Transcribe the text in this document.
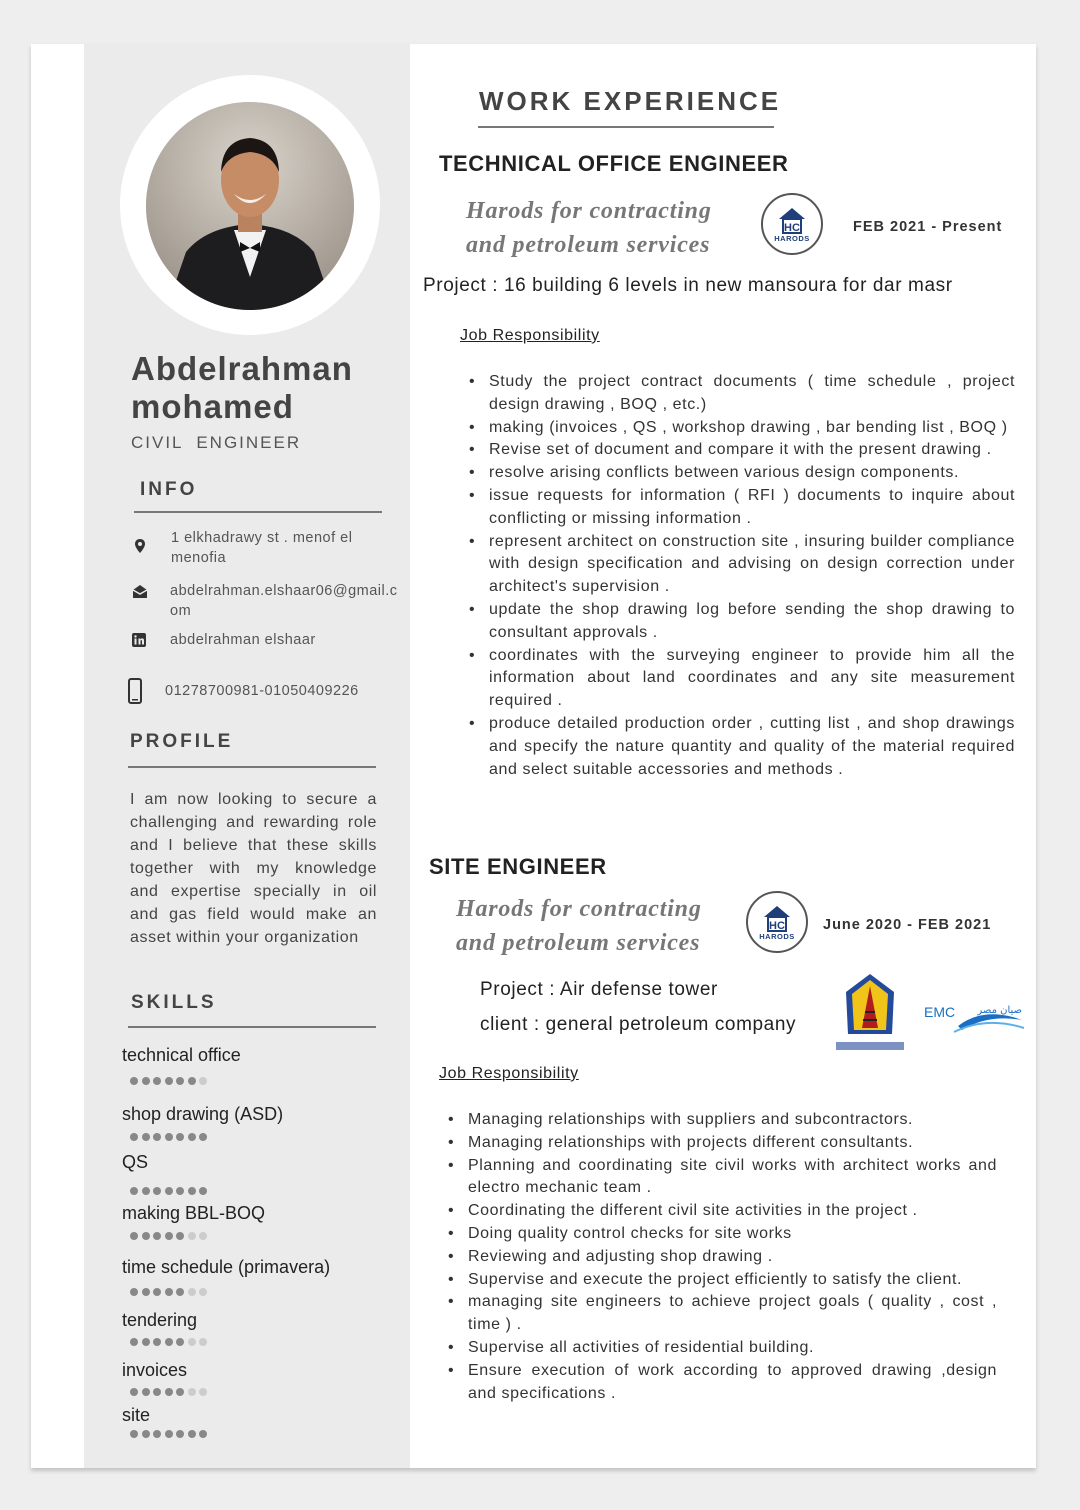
Abdelrahman
mohamed
CIVIL  ENGINEER
INFO
1 elkhadrawy st . menof el menofia
abdelrahman.elshaar06@gmail.com
abdelrahman elshaar
01278700981-01050409226
PROFILE
I am now looking to secure a challenging and rewarding role and I believe that these skills together with my knowledge and expertise specially in oil and gas field would make an asset within your organization
SKILLS
technical office
shop drawing (ASD)
QS
making BBL-BOQ
time schedule (primavera)
tendering
invoices
site
WORK EXPERIENCE
TECHNICAL OFFICE ENGINEER
Harods for contracting
and petroleum services
HC
HARODS
FEB 2021 - Present
Project : 16 building 6 levels in new mansoura for dar masr
Job Responsibility
• Study the project contract documents ( time schedule , project design drawing , BOQ , etc.)
• making (invoices , QS , workshop drawing , bar bending list , BOQ )
• Revise set of document and compare it with the present drawing .
• resolve arising conflicts between various design components.
• issue requests for information ( RFI ) documents to inquire about conflicting or missing information .
• represent architect on construction site , insuring builder compliance with design specification and advising on design correction under architect's supervision .
• update the shop drawing log before sending the shop drawing to consultant approvals .
• coordinates with the surveying engineer to provide him all the information about land coordinates and any site measurement required .
• produce detailed production order , cutting list , and shop drawings and specify the nature quantity and quality of the material required and select suitable accessories and methods .
SITE ENGINEER
Harods for contracting
and petroleum services
HC
HARODS
June 2020 - FEB 2021
Project : Air defense tower
client : general petroleum company
EMC صيان مصر
Job Responsibility
• Managing relationships with suppliers and subcontractors.
• Managing relationships with projects different consultants.
• Planning and coordinating site civil works with architect works and electro mechanic team .
• Coordinating the different civil site activities in the project .
• Doing quality control checks for site works
• Reviewing and adjusting shop drawing .
• Supervise and execute the project efficiently to satisfy the client.
• managing site engineers to achieve project goals ( quality , cost , time ) .
• Supervise all activities of residential building.
• Ensure execution of work according to approved drawing ,design and specifications .
